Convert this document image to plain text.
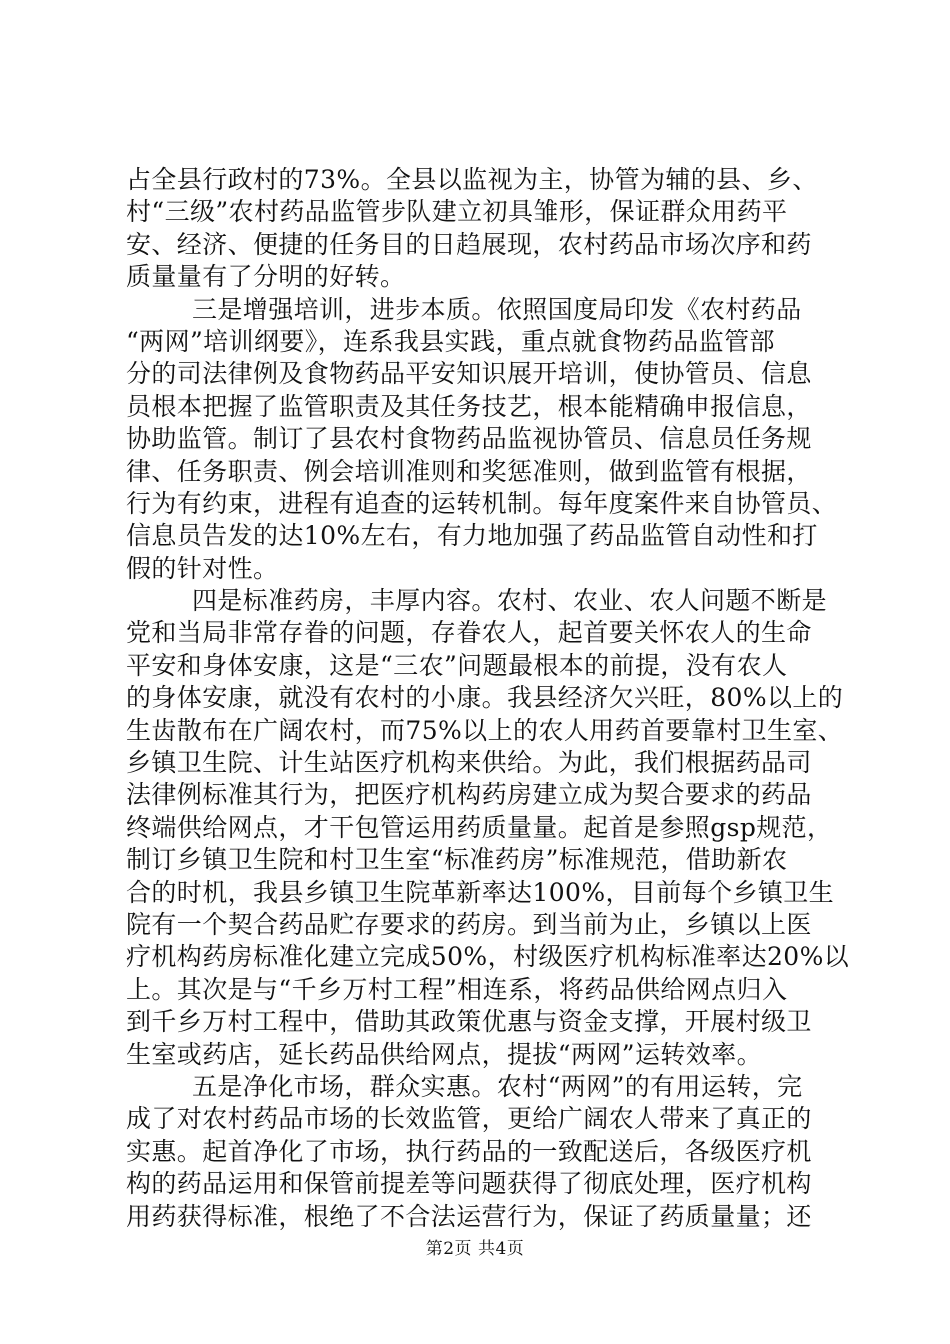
占全县行政村的73%。全县以监视为主，协管为辅的县、乡、
村“三级”农村药品监管步队建立初具雏形，保证群众用药平
安、经济、便捷的任务目的日趋展现，农村药品市场次序和药
质量量有了分明的好转。
三是增强培训，进步本质。依照国度局印发《农村药品
“两网”培训纲要》，连系我县实践，重点就食物药品监管部
分的司法律例及食物药品平安知识展开培训，使协管员、信息
员根本把握了监管职责及其任务技艺，根本能精确申报信息，
协助监管。制订了县农村食物药品监视协管员、信息员任务规
律、任务职责、例会培训准则和奖惩准则，做到监管有根据，
行为有约束，进程有追查的运转机制。每年度案件来自协管员、
信息员告发的达10%左右，有力地加强了药品监管自动性和打
假的针对性。
四是标准药房，丰厚内容。农村、农业、农人问题不断是
党和当局非常存眷的问题，存眷农人，起首要关怀农人的生命
平安和身体安康，这是“三农”问题最根本的前提，没有农人
的身体安康，就没有农村的小康。我县经济欠兴旺，80%以上的
生齿散布在广阔农村，而75%以上的农人用药首要靠村卫生室、
乡镇卫生院、计生站医疗机构来供给。为此，我们根据药品司
法律例标准其行为，把医疗机构药房建立成为契合要求的药品
终端供给网点，才干包管运用药质量量。起首是参照gsp规范，
制订乡镇卫生院和村卫生室“标准药房”标准规范，借助新农
合的时机，我县乡镇卫生院革新率达100%，目前每个乡镇卫生
院有一个契合药品贮存要求的药房。到当前为止，乡镇以上医
疗机构药房标准化建立完成50%，村级医疗机构标准率达20%以
上。其次是与“千乡万村工程”相连系，将药品供给网点归入
到千乡万村工程中，借助其政策优惠与资金支撑，开展村级卫
生室或药店，延长药品供给网点，提拔“两网”运转效率。
五是净化市场，群众实惠。农村“两网”的有用运转，完
成了对农村药品市场的长效监管，更给广阔农人带来了真正的
实惠。起首净化了市场，执行药品的一致配送后，各级医疗机
构的药品运用和保管前提差等问题获得了彻底处理，医疗机构
用药获得标准，根绝了不合法运营行为，保证了药质量量；还
第2页 共4页
